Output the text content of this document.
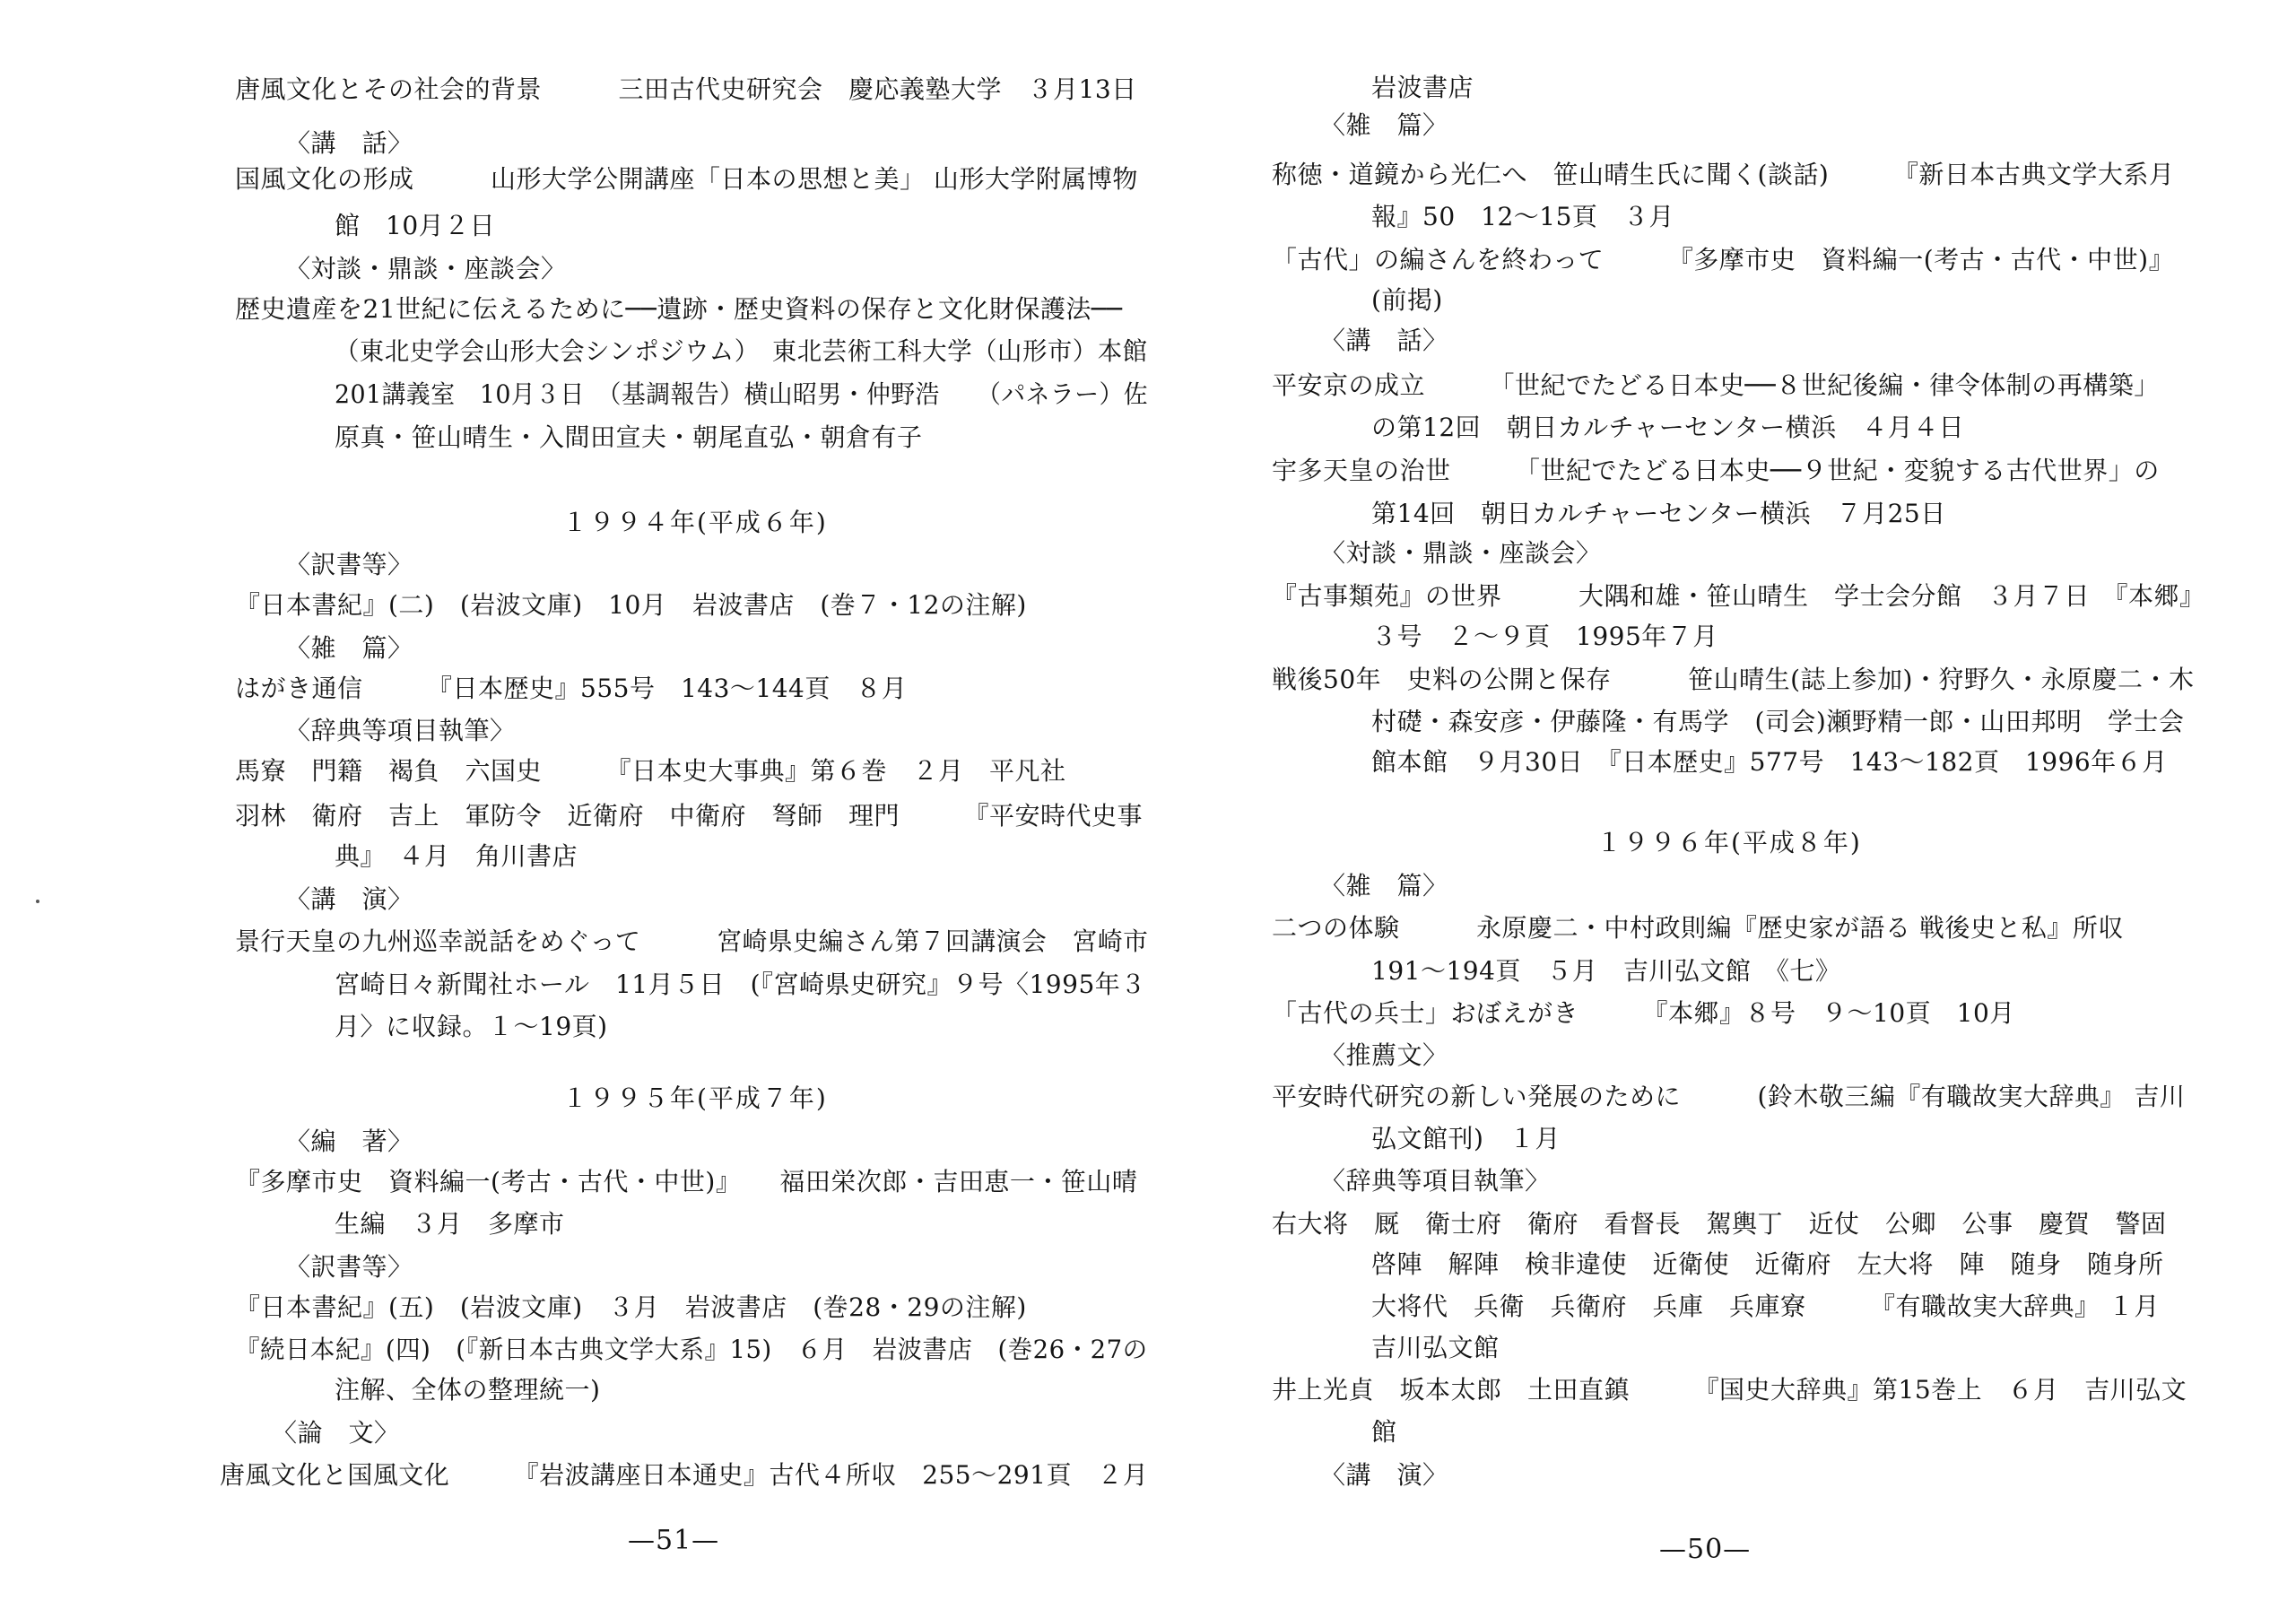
唐風文化とその社会的背景　　　三田古代史研究会　慶応義塾大学　３月13日
〈講　話〉
国風文化の形成　　　山形大学公開講座「日本の思想と美」 山形大学附属博物
館　10月２日
〈対談・鼎談・座談会〉
歴史遺産を21世紀に伝えるために──遺跡・歴史資料の保存と文化財保護法──
（東北史学会山形大会シンポジウム）　東北芸術工科大学（山形市）本館
201講義室　10月３日　（基調報告）横山昭男・仲野浩　　（パネラー）佐
原真・笹山晴生・入間田宣夫・朝尾直弘・朝倉有子
１９９４年(平成６年)
〈訳書等〉
『日本書紀』(二)　(岩波文庫)　10月　岩波書店　(巻７・12の注解)
〈雑　篇〉
はがき通信　　　『日本歴史』555号　143～144頁　８月
〈辞典等項目執筆〉
馬寮　門籍　褐負　六国史　　　『日本史大事典』第６巻　２月　平凡社
羽林　衛府　吉上　軍防令　近衛府　中衛府　弩師　理門　　　『平安時代史事
典』　４月　角川書店
〈講　演〉
景行天皇の九州巡幸説話をめぐって　　　宮崎県史編さん第７回講演会　宮崎市
宮崎日々新聞社ホール　11月５日　(『宮崎県史研究』９号〈1995年３
月〉に収録。１～19頁)
１９９５年(平成７年)
〈編　著〉
『多摩市史　資料編一(考古・古代・中世)』　　福田栄次郎・吉田恵一・笹山晴
生編　３月　多摩市
〈訳書等〉
『日本書紀』(五)　(岩波文庫)　３月　岩波書店　(巻28・29の注解)
『続日本紀』(四)　(『新日本古典文学大系』15)　６月　岩波書店　(巻26・27の
注解、全体の整理統一)
〈論　文〉
唐風文化と国風文化　　　『岩波講座日本通史』古代４所収　255～291頁　２月
—51—
岩波書店
〈雑　篇〉
称徳・道鏡から光仁へ　笹山晴生氏に聞く(談話)　　　『新日本古典文学大系月
報』50　12～15頁　３月
「古代」の編さんを終わって　　　『多摩市史　資料編一(考古・古代・中世)』
(前掲)
〈講　話〉
平安京の成立　　　「世紀でたどる日本史──８世紀後編・律令体制の再構築」
の第12回　朝日カルチャーセンター横浜　４月４日
宇多天皇の治世　　　「世紀でたどる日本史──９世紀・変貌する古代世界」の
第14回　朝日カルチャーセンター横浜　７月25日
〈対談・鼎談・座談会〉
『古事類苑』の世界　　　大隅和雄・笹山晴生　学士会分館　３月７日　『本郷』
３号　２～９頁　1995年７月
戦後50年　史料の公開と保存　　　笹山晴生(誌上参加)・狩野久・永原慶二・木
村礎・森安彦・伊藤隆・有馬学　(司会)瀬野精一郎・山田邦明　学士会
館本館　９月30日　『日本歴史』577号　143～182頁　1996年６月
１９９６年(平成８年)
〈雑　篇〉
二つの体験　　　永原慶二・中村政則編『歴史家が語る 戦後史と私』所収
191～194頁　５月　吉川弘文館　《七》
「古代の兵士」おぼえがき　　　『本郷』８号　９～10頁　10月
〈推薦文〉
平安時代研究の新しい発展のために　　　(鈴木敬三編『有職故実大辞典』 吉川
弘文館刊)　１月
〈辞典等項目執筆〉
右大将　厩　衛士府　衛府　看督長　駕輿丁　近仗　公卿　公事　慶賀　警固
啓陣　解陣　検非違使　近衛使　近衛府　左大将　陣　随身　随身所
大将代　兵衛　兵衛府　兵庫　兵庫寮　　　『有職故実大辞典』 １月
吉川弘文館
井上光貞　坂本太郎　土田直鎮　　　『国史大辞典』第15巻上　６月　吉川弘文
館
〈講　演〉
—50—
